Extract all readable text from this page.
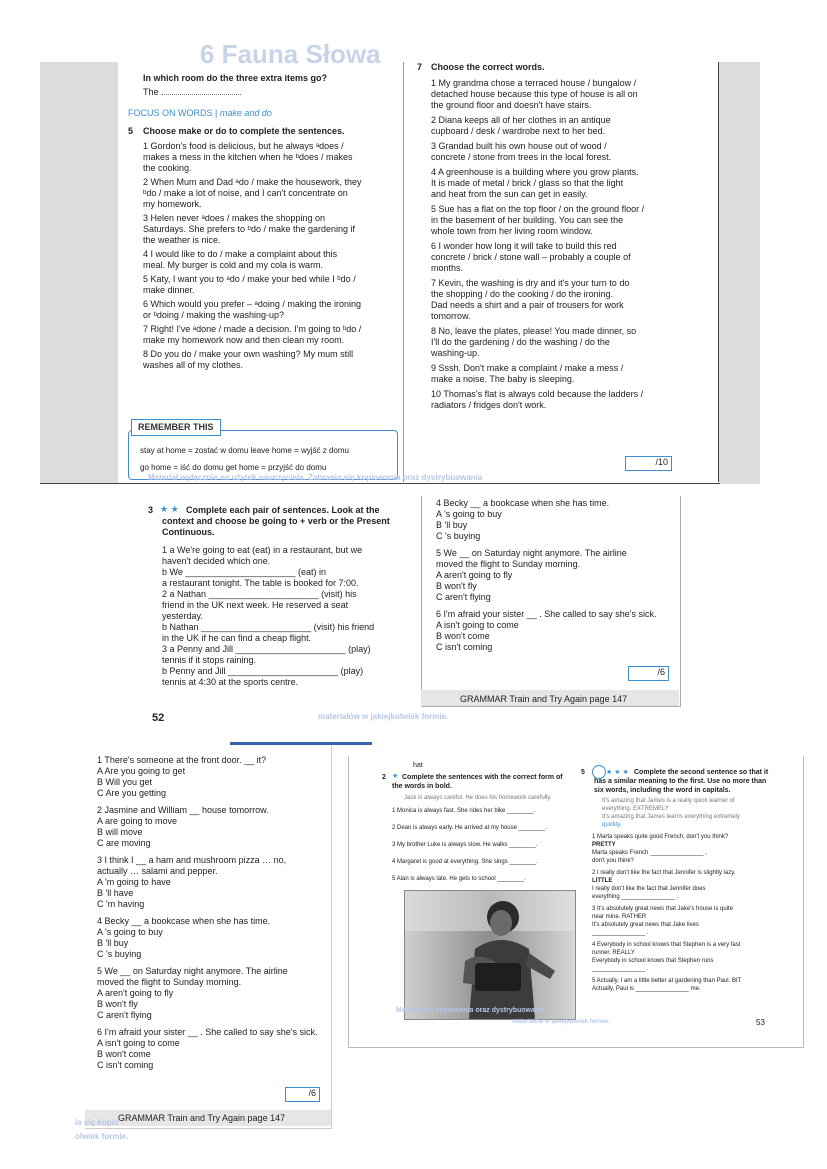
6 Fauna Słowa
In which room do the three extra items go?
The
FOCUS ON WORDS | make and do
5 Choose make or do to complete the sentences.
1 Gordon's food is delicious, but he always ᵃdoes /
makes a mess in the kitchen when he ᵇdoes / makes
the cooking.
2 When Mum and Dad ᵃdo / make the housework, they
ᵇdo / make a lot of noise, and I can't concentrate on
my homework.
3 Helen never ᵃdoes / makes the shopping on
Saturdays. She prefers to ᵇdo / make the gardening if
the weather is nice.
4 I would like to do / make a complaint about this
meal. My burger is cold and my cola is warm.
5 Katy, I want you to ᵃdo / make your bed while I ᵇdo /
make dinner.
6 Which would you prefer – ᵃdoing / making the ironing
or ᵇdoing / making the washing-up?
7 Right! I've ᵃdone / made a decision. I'm going to ᵇdo /
make my homework now and then clean my room.
8 Do you do / make your own washing? My mum still
washes all of my clothes.
REMEMBER THIS
stay at home = zostać w domu leave home = wyjść z domu
go home = iść do domu get home = przyjść do domu
Materiał wyłącznie na użytek nauczyciela. Zabrania się kopiowania oraz dystrybuowania
7 Choose the correct words.
1 My grandma chose a terraced house / bungalow /
detached house because this type of house is all on
the ground floor and doesn't have stairs.
2 Diana keeps all of her clothes in an antique
cupboard / desk / wardrobe next to her bed.
3 Grandad built his own house out of wood /
concrete / stone from trees in the local forest.
4 A greenhouse is a building where you grow plants.
It is made of metal / brick / glass so that the light
and heat from the sun can get in easily.
5 Sue has a flat on the top floor / on the ground floor /
in the basement of her building. You can see the
whole town from her living room window.
6 I wonder how long it will take to build this red
concrete / brick / stone wall – probably a couple of
months.
7 Kevin, the washing is dry and it's your turn to do
the shopping / do the cooking / do the ironing.
Dad needs a shirt and a pair of trousers for work
tomorrow.
8 No, leave the plates, please! You made dinner, so
I'll do the gardening / do the washing / do the
washing-up.
9 Sssh. Don't make a complaint / make a mess /
make a noise. The baby is sleeping.
10 Thomas's flat is always cold because the ladders /
radiators / fridges don't work.
/10
3 ★ ★ Complete each pair of sentences. Look at the
context and choose be going to + verb or the Present
Continuous.
1 a We're going to eat (eat) in a restaurant, but we
haven't decided which one.
b We ______________________ (eat) in
a restaurant tonight. The table is booked for 7:00.
2 a Nathan ______________________ (visit) his
friend in the UK next week. He reserved a seat
yesterday.
b Nathan ______________________ (visit) his friend
in the UK if he can find a cheap flight.
3 a Penny and Jill ______________________ (play)
tennis if it stops raining.
b Penny and Jill ______________________ (play)
tennis at 4:30 at the sports centre.
52
4 Becky __ a bookcase when she has time.
A 's going to buy
B 'll buy
C 's buying
5 We __ on Saturday night anymore. The airline
moved the flight to Sunday morning.
A aren't going to fly
B won't fly
C aren't flying
6 I'm afraid your sister __ . She called to say she's sick.
A isn't going to come
B won't come
C isn't coming
/6
GRAMMAR Train and Try Again page 147
materiałów w jakiejkolwiek formie.
1 There's someone at the front door. __ it?
A Are you going to get
B Will you get
C Are you getting
2 Jasmine and William __ house tomorrow.
A are going to move
B will move
C are moving
3 I think I __ a ham and mushroom pizza … no,
actually … salami and pepper.
A 'm going to have
B 'll have
C 'm having
4 Becky __ a bookcase when she has time.
A 's going to buy
B 'll buy
C 's buying
5 We __ on Saturday night anymore. The airline
moved the flight to Sunday morning.
A aren't going to fly
B won't fly
C aren't flying
6 I'm afraid your sister __ . She called to say she's sick.
A isn't going to come
B won't come
C isn't coming
/6
GRAMMAR Train and Try Again page 147
ia się kopio
olwiek formie.
hat
2 ★ Complete the sentences with the correct form of
the words in bold.
Jack is always careful. He does his homework carefully.
1 Monica is always fast. She rides her bike ________.
2 Dean is always early. He arrived at my house ________.
3 My brother Luke is always slow. He walks ________.
4 Margaret is good at everything. She sings ________.
5 Alan is always late. He gets to school ________.
5	★ ★ ★ Complete the second sentence so that it
has a similar meaning to the first. Use no more than
six words, including the word in capitals.
It's amazing that James is a really quick learner of
everything. EXTREMELY
It's amazing that James learns everything extremely
quickly.
1 Marta speaks quite good French, don't you think?
PRETTY
Marta speaks French ________________ ,
don't you think?
2 I really don't like the fact that Jennifer is slightly lazy.
LITTLE
I really don't like the fact that Jennifer does
everything ________________ .
3 It's absolutely great news that Jake's house is quite
near mine. RATHER
It's absolutely great news that Jake lives
________________ .
4 Everybody in school knows that Stephen is a very fast
runner. REALLY
Everybody in school knows that Stephen runs
________________ .
5 Actually, I am a little better at gardening than Paul. BIT
Actually, Paul is ________________ me.
53
Ma ania się kopiowania oraz dystrybuowania
materiałów w jakiejkolwiek formie.
